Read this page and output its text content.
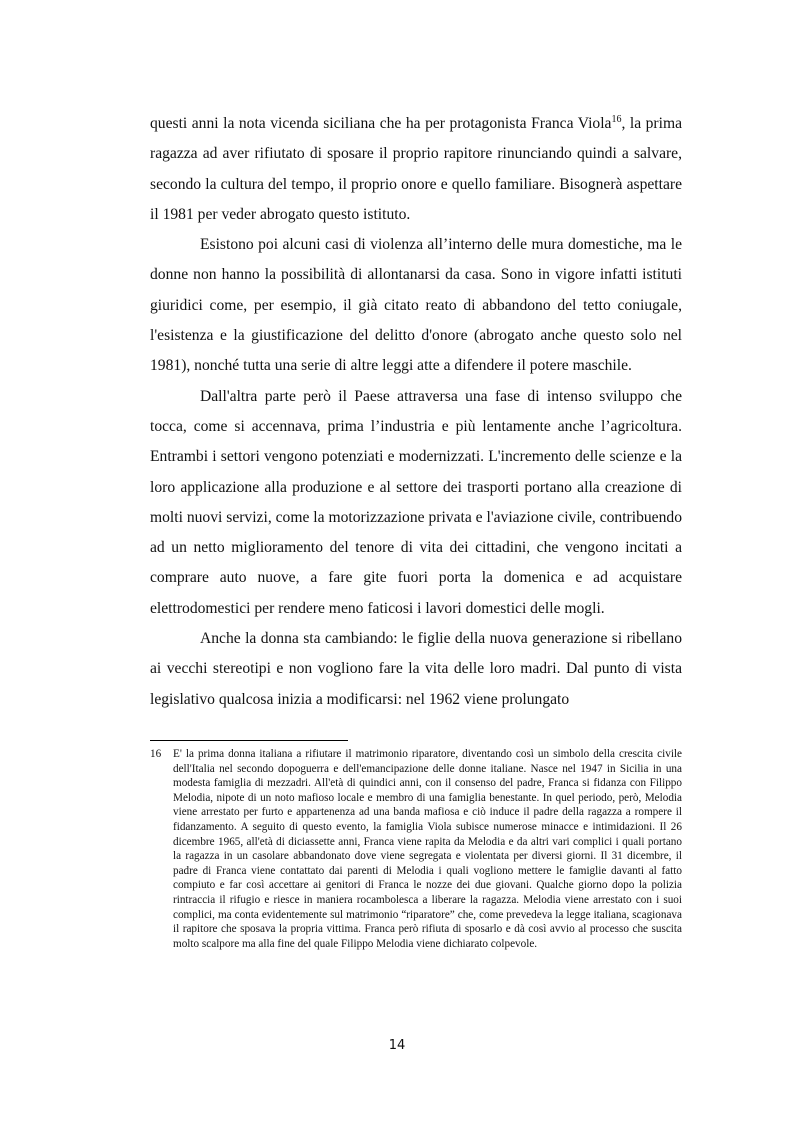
questi anni la nota vicenda siciliana che ha per protagonista Franca Viola$^{16}$, la prima ragazza ad aver rifiutato di sposare il proprio rapitore rinunciando quindi a salvare, secondo la cultura del tempo, il proprio onore e quello familiare. Bisognerà aspettare il 1981 per veder abrogato questo istituto.

Esistono poi alcuni casi di violenza all’interno delle mura domestiche, ma le donne non hanno la possibilità di allontanarsi da casa. Sono in vigore infatti istituti giuridici come, per esempio, il già citato reato di abbandono del tetto coniugale, l'esistenza e la giustificazione del delitto d'onore (abrogato anche questo solo nel 1981), nonché tutta una serie di altre leggi atte a difendere il potere maschile.

Dall'altra parte però il Paese attraversa una fase di intenso sviluppo che tocca, come si accennava, prima l’industria e più lentamente anche l’agricoltura. Entrambi i settori vengono potenziati e modernizzati. L'incremento delle scienze e la loro applicazione alla produzione e al settore dei trasporti portano alla creazione di molti nuovi servizi, come la motorizzazione privata e l'aviazione civile, contribuendo ad un netto miglioramento del tenore di vita dei cittadini, che vengono incitati a comprare auto nuove, a fare gite fuori porta la domenica e ad acquistare elettrodomestici per rendere meno faticosi i lavori domestici delle mogli.

Anche la donna sta cambiando: le figlie della nuova generazione si ribellano ai vecchi stereotipi e non vogliono fare la vita delle loro madri. Dal punto di vista legislativo qualcosa inizia a modificarsi: nel 1962 viene prolungato

16 E' la prima donna italiana a rifiutare il matrimonio riparatore, diventando così un simbolo della crescita civile dell'Italia nel secondo dopoguerra e dell'emancipazione delle donne italiane. Nasce nel 1947 in Sicilia in una modesta famiglia di mezzadri. All'età di quindici anni, con il consenso del padre, Franca si fidanza con Filippo Melodia, nipote di un noto mafioso locale e membro di una famiglia benestante. In quel periodo, però, Melodia viene arrestato per furto e appartenenza ad una banda mafiosa e ciò induce il padre della ragazza a rompere il fidanzamento. A seguito di questo evento, la famiglia Viola subisce numerose minacce e intimidazioni. Il 26 dicembre 1965, all'età di diciassette anni, Franca viene rapita da Melodia e da altri vari complici i quali portano la ragazza in un casolare abbandonato dove viene segregata e violentata per diversi giorni. Il 31 dicembre, il padre di Franca viene contattato dai parenti di Melodia i quali vogliono mettere le famiglie davanti al fatto compiuto e far così accettare ai genitori di Franca le nozze dei due giovani. Qualche giorno dopo la polizia rintraccia il rifugio e riesce in maniera rocambolesca a liberare la ragazza. Melodia viene arrestato con i suoi complici, ma conta evidentemente sul matrimonio “riparatore” che, come prevedeva la legge italiana, scagionava il rapitore che sposava la propria vittima. Franca però rifiuta di sposarlo e dà così avvio al processo che suscita molto scalpore ma alla fine del quale Filippo Melodia viene dichiarato colpevole.
14
